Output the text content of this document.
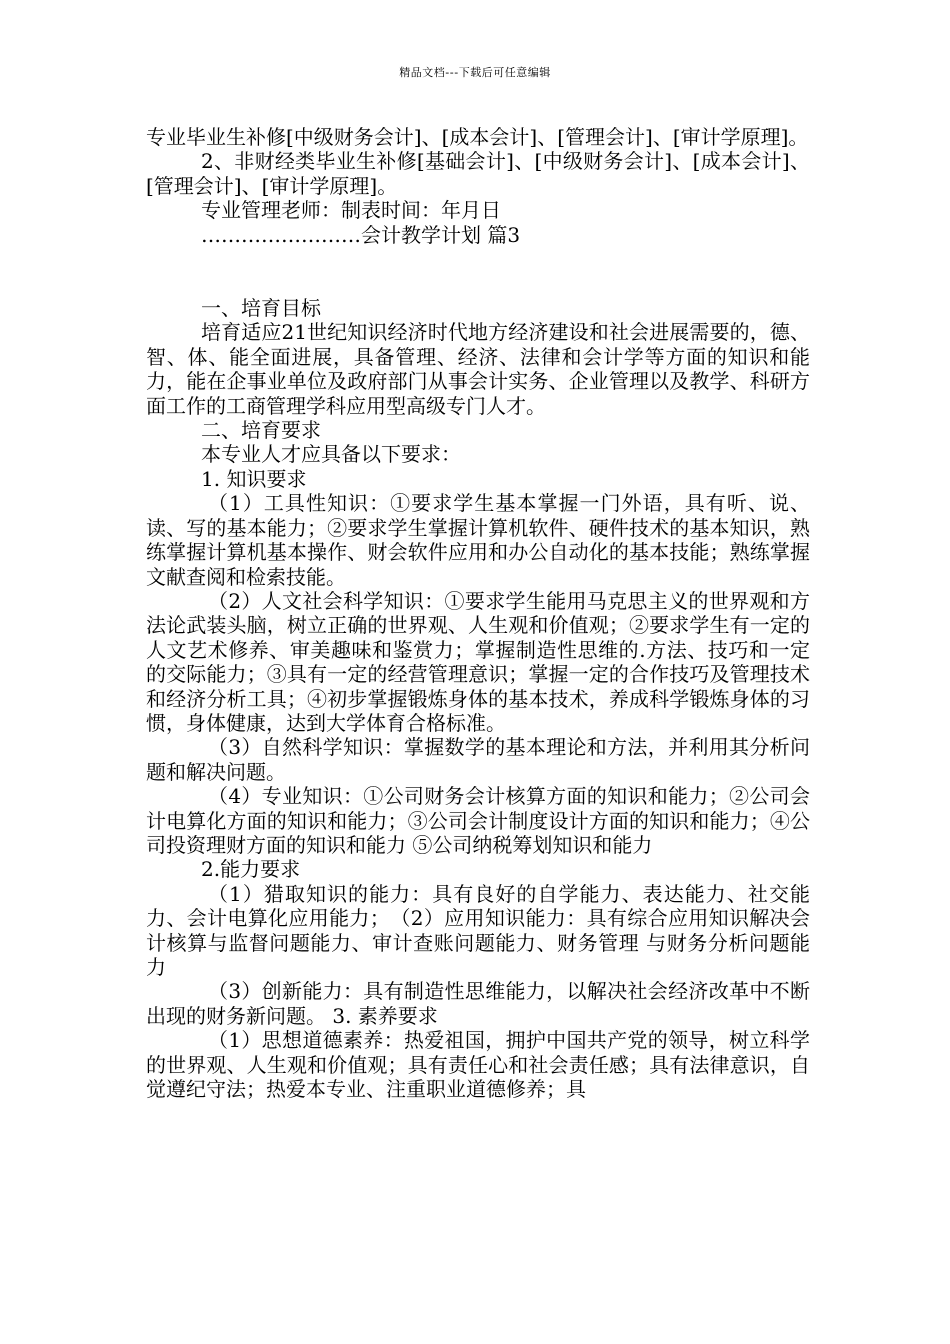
精品文档---下载后可任意编辑

专业毕业生补修[中级财务会计]、[成本会计]、[管理会计]、[审计学原理]。

2、非财经类毕业生补修[基础会计]、[中级财务会计]、[成本会计]、[管理会计]、[审计学原理]。

专业管理老师：制表时间：年月日

……………………会计教学计划 篇3

一、培育目标

培育适应21世纪知识经济时代地方经济建设和社会进展需要的，德、智、体、能全面进展，具备管理、经济、法律和会计学等方面的知识和能力，能在企事业单位及政府部门从事会计实务、企业管理以及教学、科研方面工作的工商管理学科应用型高级专门人才。

二、培育要求

本专业人才应具备以下要求：

1. 知识要求

（1）工具性知识：①要求学生基本掌握一门外语，具有听、说、读、写的基本能力；②要求学生掌握计算机软件、硬件技术的基本知识，熟练掌握计算机基本操作、财会软件应用和办公自动化的基本技能；熟练掌握文献查阅和检索技能。

（2）人文社会科学知识：①要求学生能用马克思主义的世界观和方法论武装头脑，树立正确的世界观、人生观和价值观；②要求学生有一定的人文艺术修养、审美趣味和鉴赏力；掌握制造性思维的.方法、技巧和一定的交际能力；③具有一定的经营管理意识；掌握一定的合作技巧及管理技术和经济分析工具；④初步掌握锻炼身体的基本技术，养成科学锻炼身体的习惯，身体健康，达到大学体育合格标准。

（3）自然科学知识：掌握数学的基本理论和方法，并利用其分析问题和解决问题。

（4）专业知识：①公司财务会计核算方面的知识和能力；②公司会计电算化方面的知识和能力；③公司会计制度设计方面的知识和能力；④公司投资理财方面的知识和能力 ⑤公司纳税筹划知识和能力

2.能力要求

（1）猎取知识的能力：具有良好的自学能力、表达能力、社交能力、会计电算化应用能力；　（2）应用知识能力：具有综合应用知识解决会计核算与监督问题能力、审计查账问题能力、财务管理 与财务分析问题能力

（3）创新能力：具有制造性思维能力，以解决社会经济改革中不断出现的财务新问题。 3. 素养要求

（1）思想道德素养：热爱祖国，拥护中国共产党的领导，树立科学的世界观、人生观和价值观；具有责任心和社会责任感；具有法律意识，自觉遵纪守法；热爱本专业、注重职业道德修养；具
